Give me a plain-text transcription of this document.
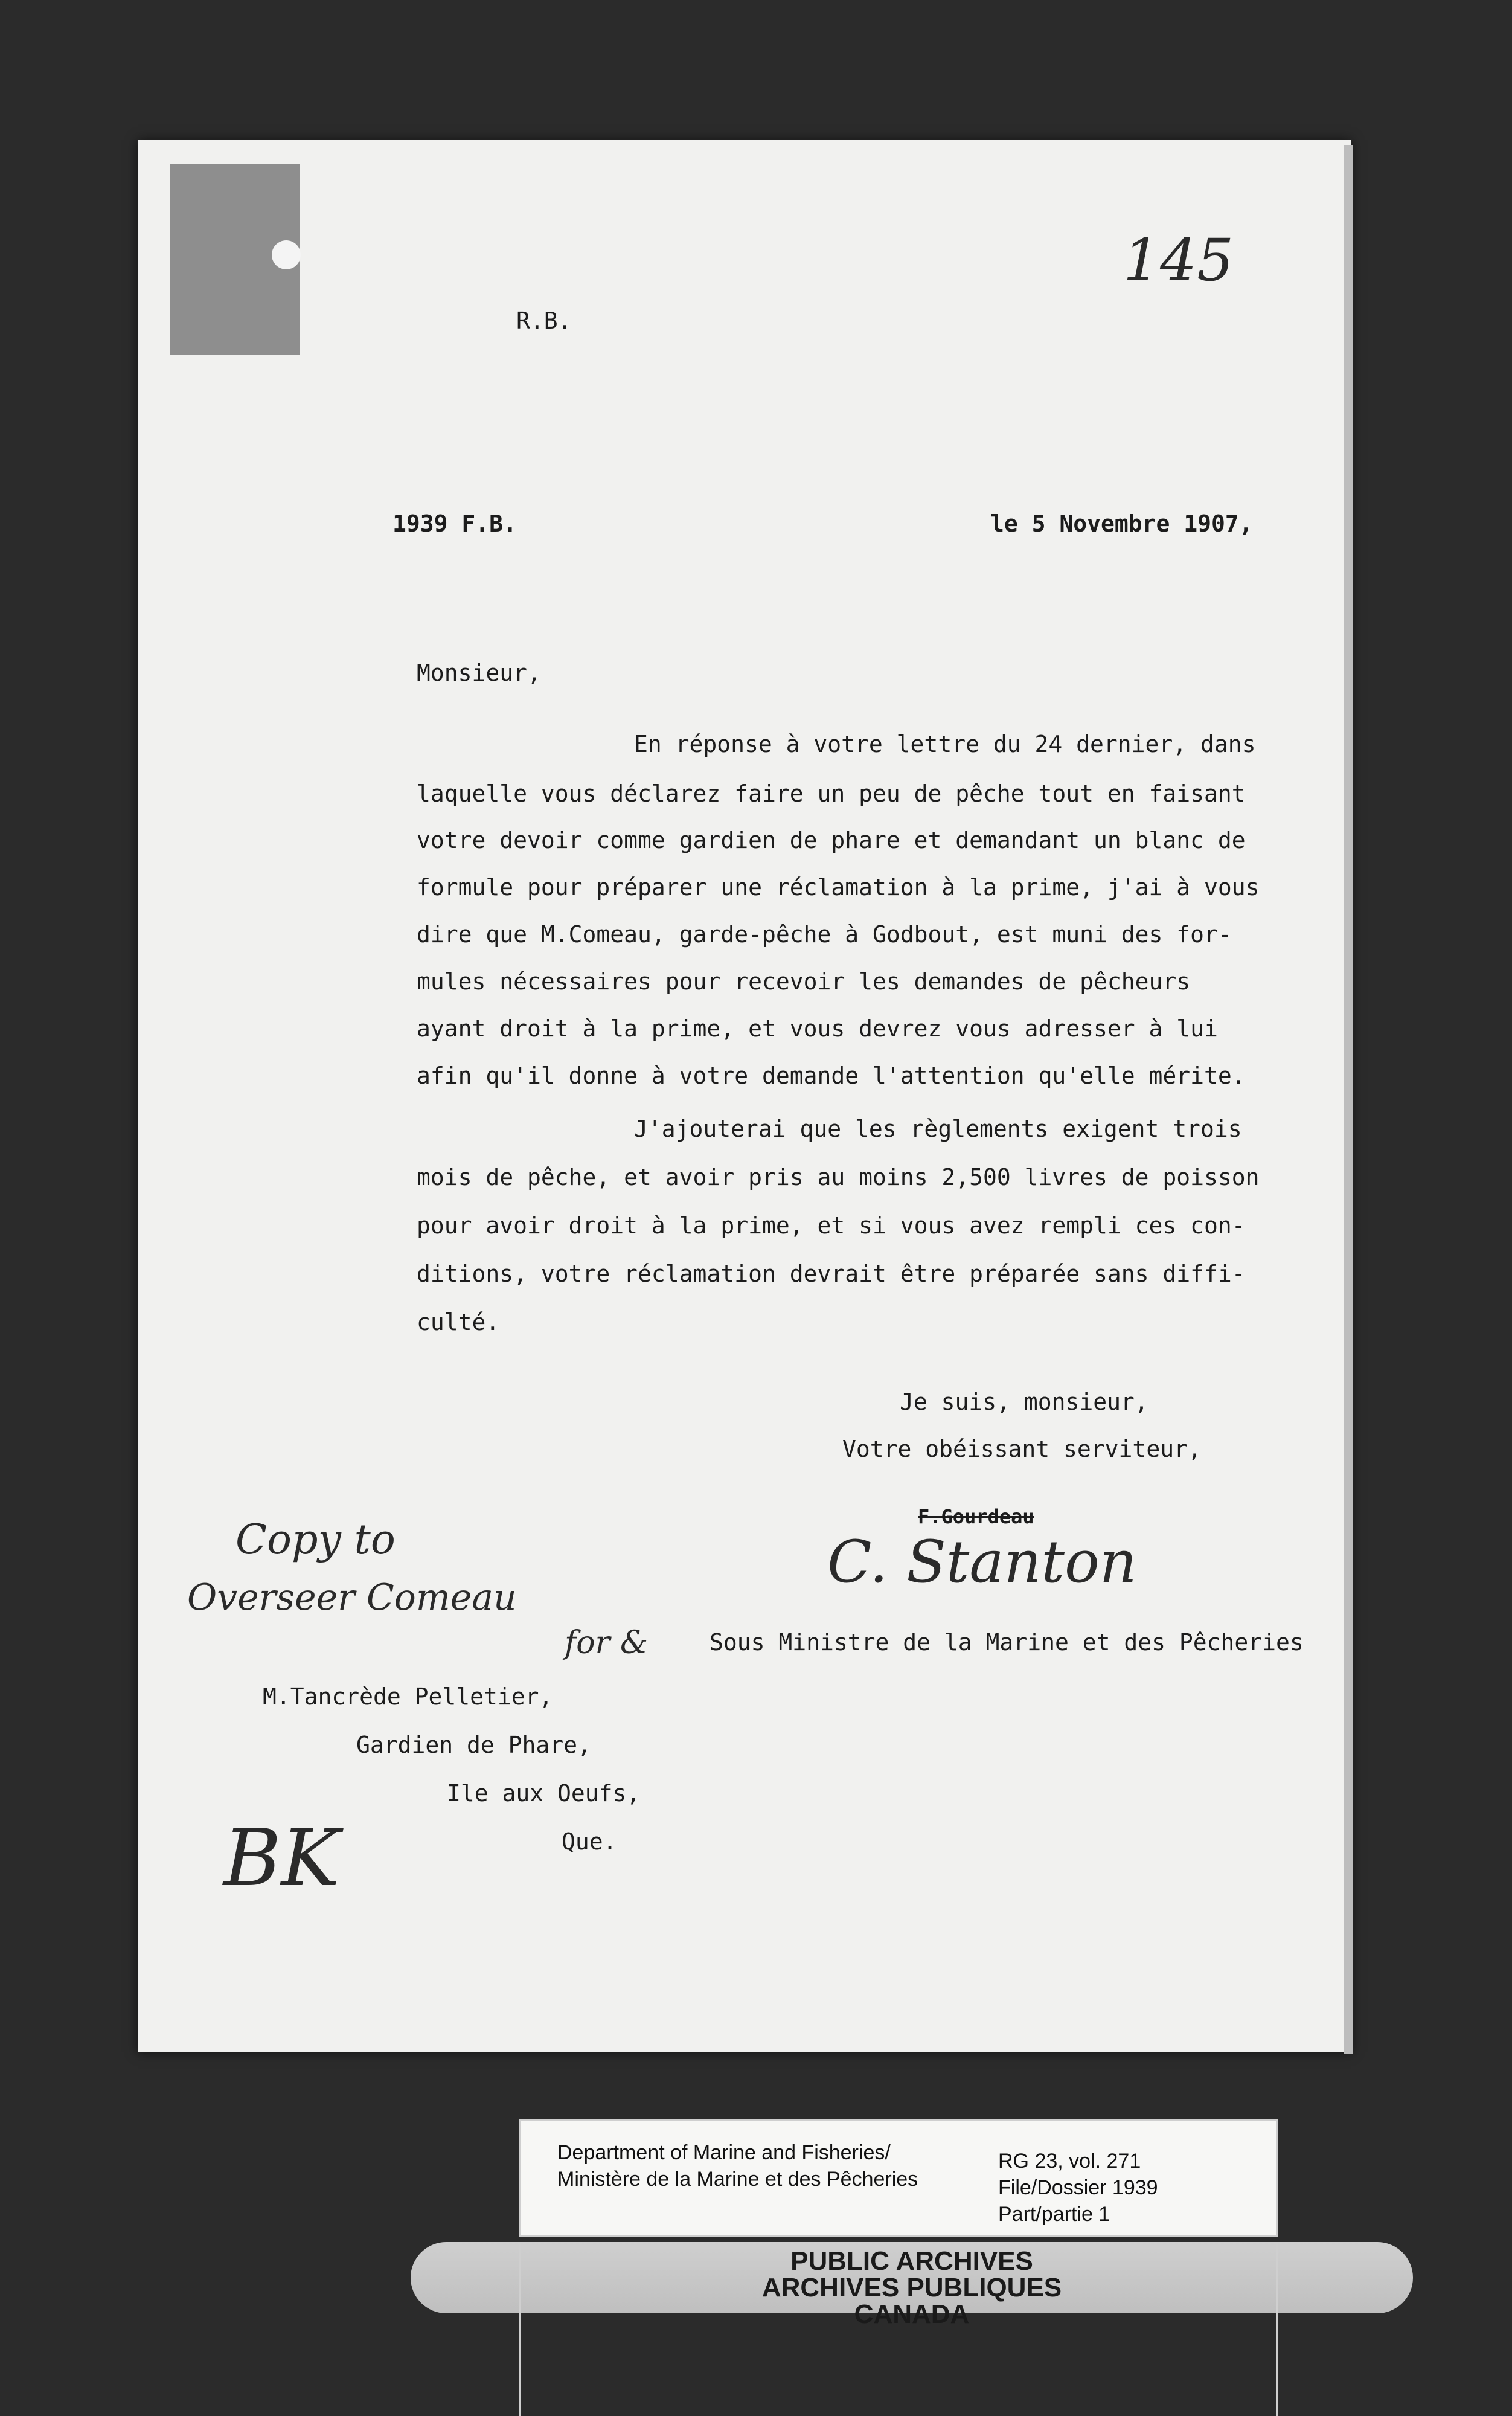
145
R.B.
1939 F.B.	le 5 Novembre 1907,
Monsieur,
En réponse à votre lettre du 24 dernier, dans
laquelle vous déclarez faire un peu de pêche tout en faisant
votre devoir comme gardien de phare et demandant un blanc de
formule pour préparer une réclamation à la prime, j'ai à vous
dire que M.Comeau, garde-pêche à Godbout, est muni des for-
mules nécessaires pour recevoir les demandes de pêcheurs
ayant droit à la prime, et vous devrez vous adresser à lui
afin qu'il donne à votre demande l'attention qu'elle mérite.
J'ajouterai que les règlements exigent trois
mois de pêche, et avoir pris au moins 2,500 livres de poisson
pour avoir droit à la prime, et si vous avez rempli ces con-
ditions, votre réclamation devrait être préparée sans diffi-
culté.
Je suis, monsieur,
Votre obéissant serviteur,
F.Gourdeau
C. Stanton
Copy to
Overseer Comeau
for &	Sous Ministre de la Marine et des Pêcheries
M.Tancrède Pelletier,
Gardien de Phare,
Ile aux Oeufs,
Que.
BK
Department of Marine and Fisheries/
Ministère de la Marine et des Pêcheries
RG 23, vol. 271
File/Dossier 1939
Part/partie 1
PUBLIC ARCHIVES
ARCHIVES PUBLIQUES
CANADA
